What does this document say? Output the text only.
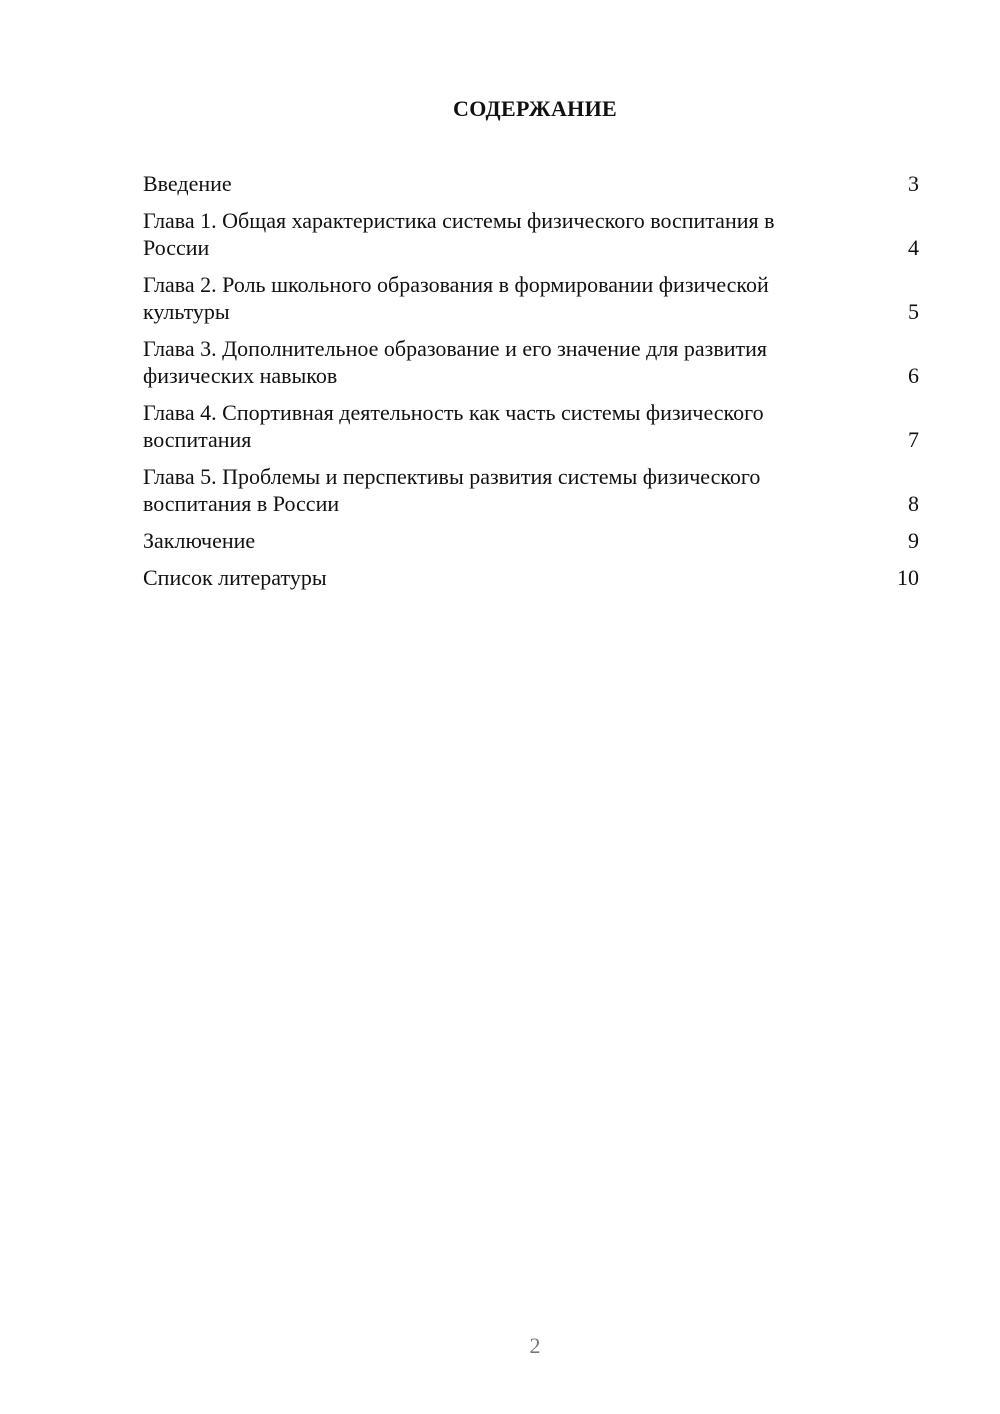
СОДЕРЖАНИЕ
Введение	3
Глава 1. Общая характеристика системы физического воспитания в России	4
Глава 2. Роль школьного образования в формировании физической культуры	5
Глава 3. Дополнительное образование и его значение для развития физических навыков	6
Глава 4. Спортивная деятельность как часть системы физического воспитания	7
Глава 5. Проблемы и перспективы развития системы физического воспитания в России	8
Заключение	9
Список литературы	10
2
